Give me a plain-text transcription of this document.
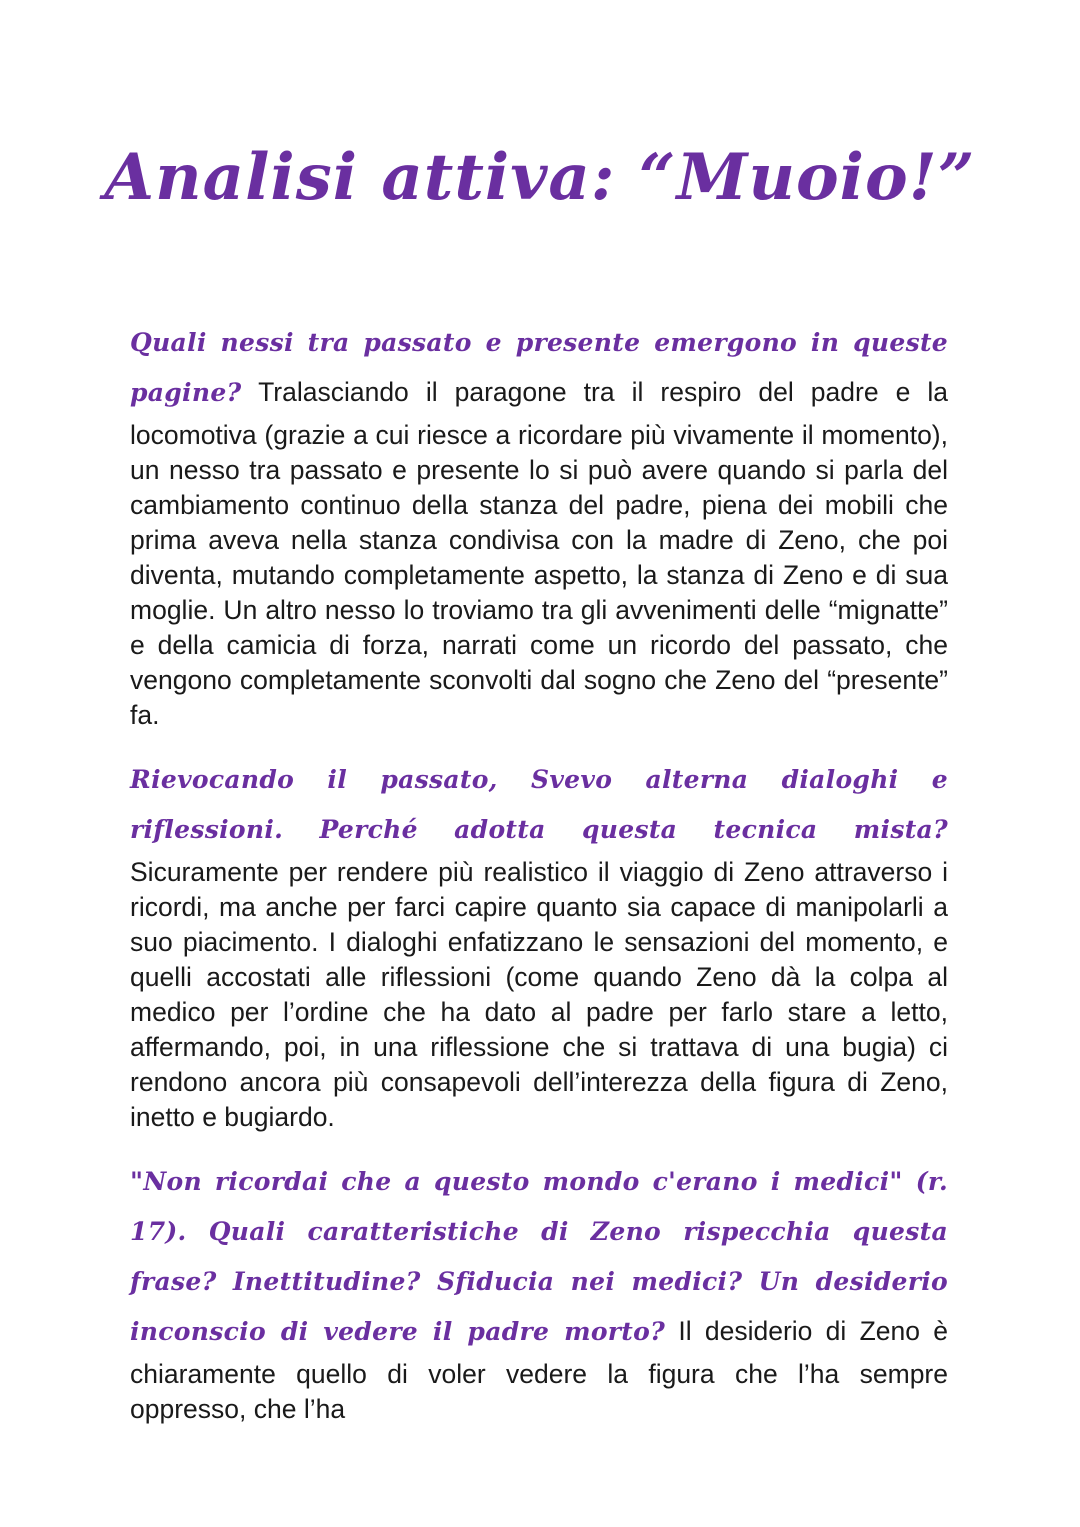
Analisi attiva: “Muoio!”

Quali nessi tra passato e presente emergono in queste pagine? Tralasciando il paragone tra il respiro del padre e la locomotiva (grazie a cui riesce a ricordare più vivamente il momento), un nesso tra passato e presente lo si può avere quando si parla del cambiamento continuo della stanza del padre, piena dei mobili che prima aveva nella stanza condivisa con la madre di Zeno, che poi diventa, mutando completamente aspetto, la stanza di Zeno e di sua moglie. Un altro nesso lo troviamo tra gli avvenimenti delle “mignatte” e della camicia di forza, narrati come un ricordo del passato, che vengono completamente sconvolti dal sogno che Zeno del “presente” fa.

Rievocando il passato, Svevo alterna dialoghi e riflessioni. Perché adotta questa tecnica mista? Sicuramente per rendere più realistico il viaggio di Zeno attraverso i ricordi, ma anche per farci capire quanto sia capace di manipolarli a suo piacimento. I dialoghi enfatizzano le sensazioni del momento, e quelli accostati alle riflessioni (come quando Zeno dà la colpa al medico per l’ordine che ha dato al padre per farlo stare a letto, affermando, poi, in una riflessione che si trattava di una bugia) ci rendono ancora più consapevoli dell’interezza della figura di Zeno, inetto e bugiardo.

"Non ricordai che a questo mondo c'erano i medici" (r. 17). Quali caratteristiche di Zeno rispecchia questa frase? Inettitudine? Sfiducia nei medici? Un desiderio inconscio di vedere il padre morto? Il desiderio di Zeno è chiaramente quello di voler vedere la figura che l’ha sempre oppresso, che l’ha
